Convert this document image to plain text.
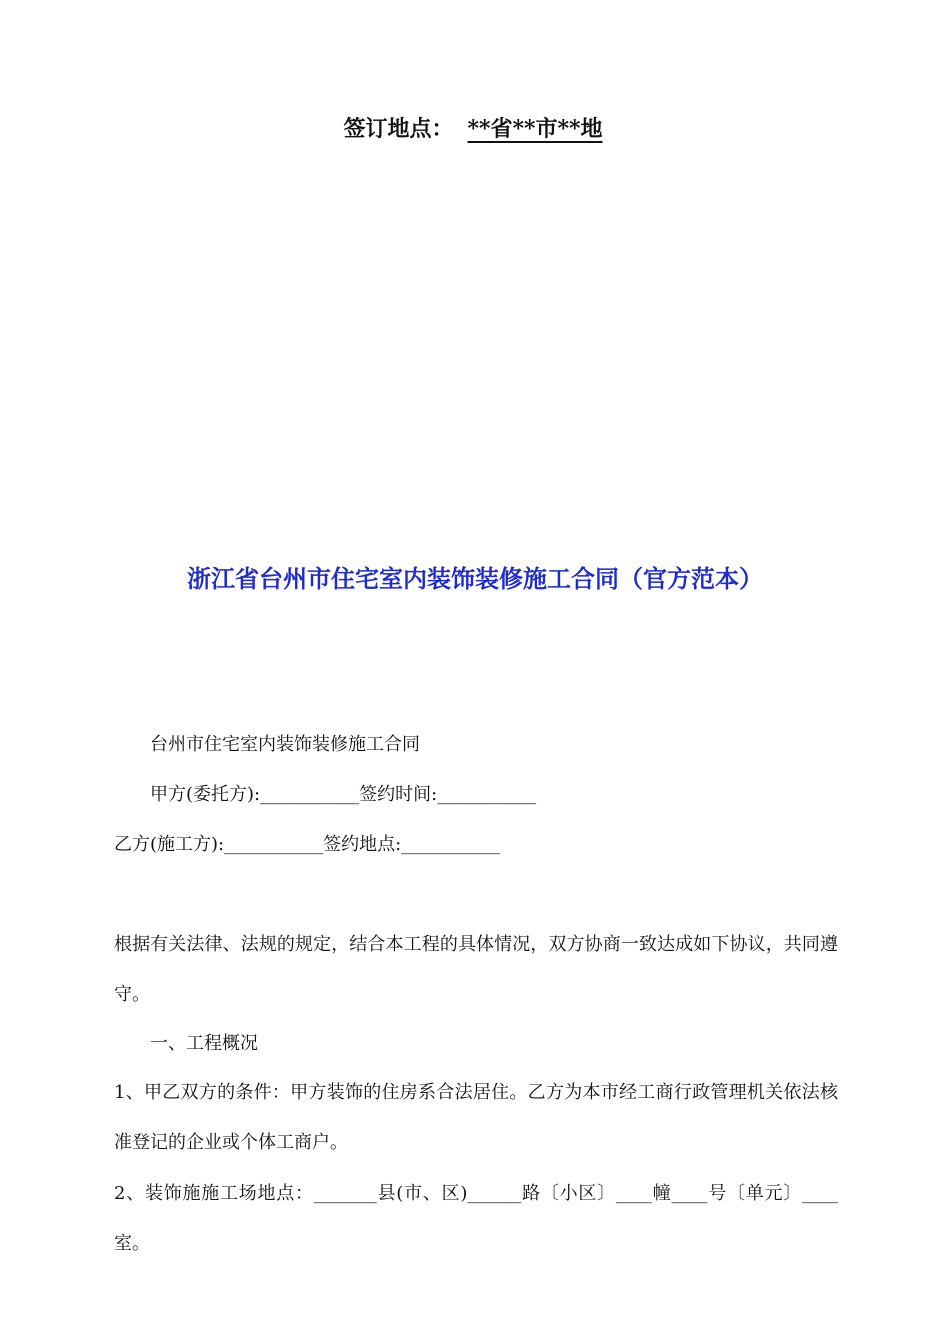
签订地点： **省**市**地
浙江省台州市住宅室内装饰装修施工合同（官方范本）
台州市住宅室内装饰装修施工合同
甲方(委托方):___________签约时间:___________
乙方(施工方):___________签约地点:___________
根据有关法律、法规的规定，结合本工程的具体情况，双方协商一致达成如下协议，共同遵守。
一、工程概况
1、甲乙双方的条件：甲方装饰的住房系合法居住。乙方为本市经工商行政管理机关依法核准登记的企业或个体工商户。
2、装饰施施工场地点：_______县(市、区)______路〔小区〕____幢____号〔单元〕____室。
